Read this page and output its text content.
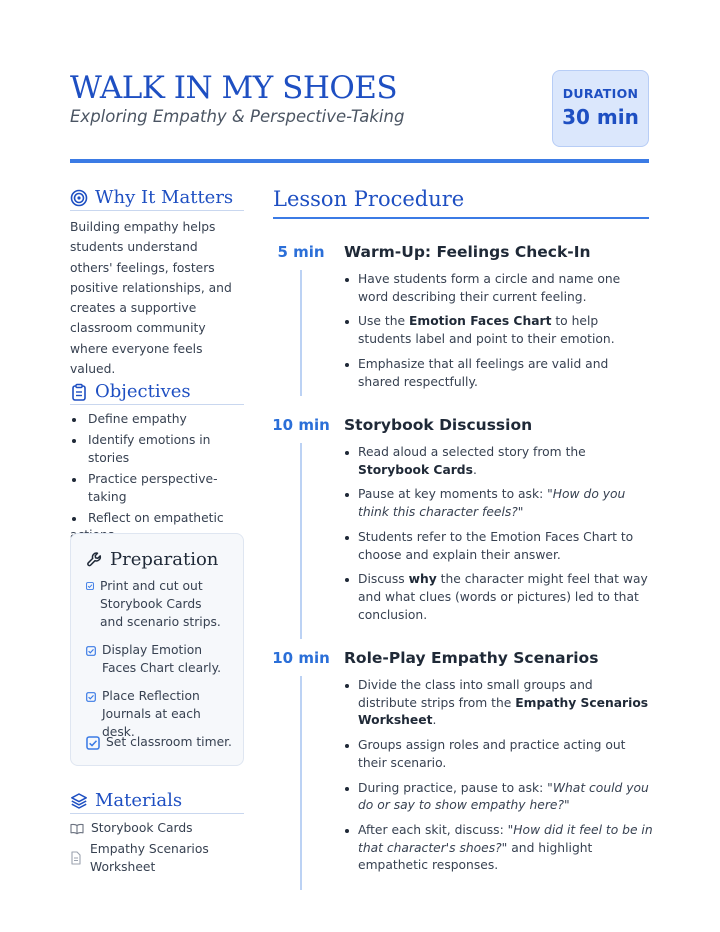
WALK IN MY SHOES
Exploring Empathy & Perspective-Taking
DURATION
30 min
Why It Matters
Building empathy helps students understand others' feelings, fosters positive relationships, and creates a supportive classroom community where everyone feels valued.
Objectives
Define empathy
Identify emotions in stories
Practice perspective-taking
Reflect on empathetic
Preparation
Print and cut out Storybook Cards and scenario strips.
Display Emotion Faces Chart clearly.
Place Reflection Journals at each desk.
Set classroom timer.
Materials
Storybook Cards
Empathy Scenarios Worksheet
Lesson Procedure
5 min	Warm-Up: Feelings Check-In
Have students form a circle and name one word describing their current feeling.
Use the Emotion Faces Chart to help students label and point to their emotion.
Emphasize that all feelings are valid and shared respectfully.
10 min Storybook Discussion
Read aloud a selected story from the Storybook Cards.
Pause at key moments to ask: "How do you think this character feels?"
Students refer to the Emotion Faces Chart to choose and explain their answer.
Discuss why the character might feel that way and what clues (words or pictures) led to that conclusion.
10 min Role-Play Empathy Scenarios
Divide the class into small groups and distribute strips from the Empathy Scenarios Worksheet.
Groups assign roles and practice acting out their scenario.
During practice, pause to ask: "What could you do or say to show empathy here?"
After each skit, discuss: "How did it feel to be in that character's shoes?" and highlight empathetic responses.
